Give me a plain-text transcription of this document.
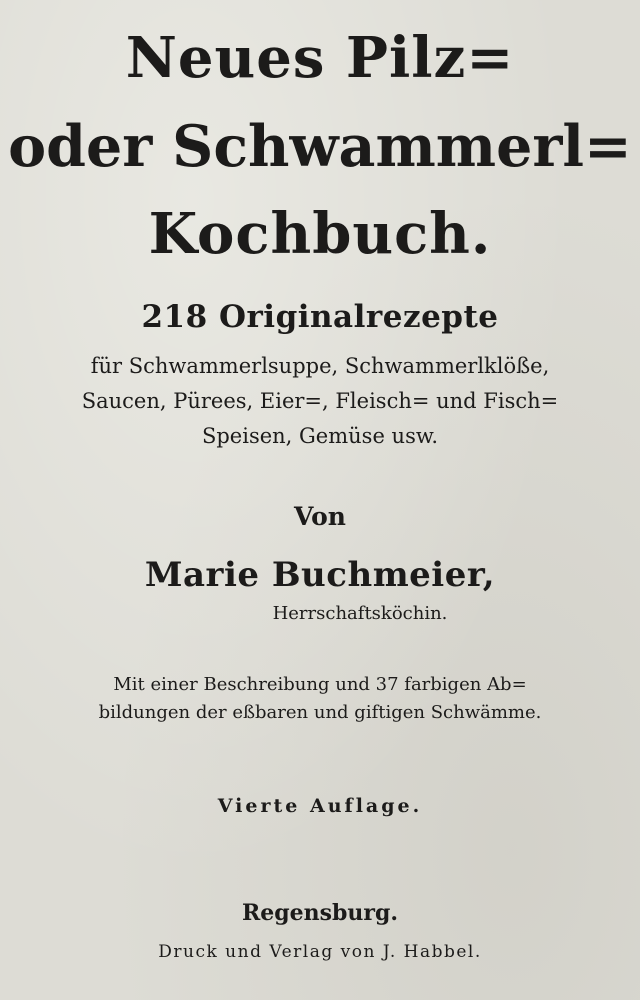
Neues Pilz=
oder Schwammerl=
Kochbuch.

218 Originalrezepte

für Schwammerlsuppe, Schwammerlklöße,

Saucen, Pürees, Eier=, Fleisch= und Fisch=

Speisen, Gemüse usw.

Von

Marie Buchmeier,

Herrschaftsköchin.

Mit einer Beschreibung und 37 farbigen Ab=

bildungen der eßbaren und giftigen Schwämme.

Vierte Auflage.

Regensburg.

Druck und Verlag von J. Habbel.
